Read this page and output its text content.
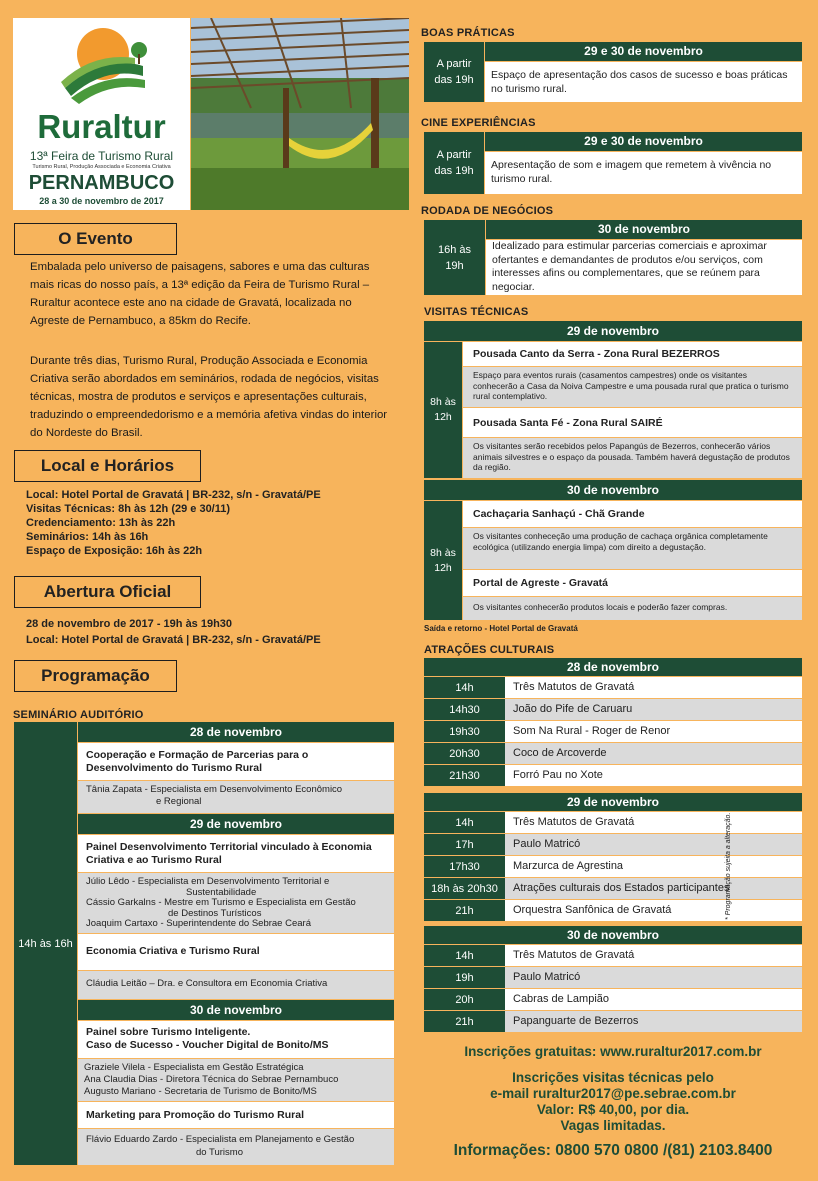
Ruraltur
13ª Feira de Turismo Rural
Turismo Rural, Produção Associada e Economia Criativa
PERNAMBUCO
28 a 30 de novembro de 2017
O Evento
Embalada pelo universo de paisagens, sabores e uma das culturas mais ricas do nosso país, a 13ª edição da Feira de Turismo Rural – Ruraltur acontece este ano na cidade de Gravatá, localizada no Agreste de Pernambuco, a 85km do Recife.
Durante três dias, Turismo Rural, Produção Associada e Economia Criativa serão abordados em seminários, rodada de negócios, visitas técnicas, mostra de produtos e serviços e apresentações culturais, traduzindo o empreendedorismo e a memória afetiva vindas do interior do Nordeste do Brasil.
Local e Horários
Local: Hotel Portal de Gravatá | BR-232, s/n - Gravatá/PE
Visitas Técnicas: 8h às 12h (29 e 30/11)
Credenciamento: 13h às 22h
Seminários: 14h às 16h
Espaço de Exposição: 16h às 22h
Abertura Oficial
28 de novembro de 2017 - 19h às 19h30
Local: Hotel Portal de Gravatá | BR-232, s/n - Gravatá/PE
Programação
SEMINÁRIO AUDITÓRIO
14h às 16h
28 de novembro
Cooperação e Formação de Parcerias para o Desenvolvimento do Turismo Rural
Tânia Zapata - Especialista em Desenvolvimento Econômico
e Regional
29 de novembro
Painel Desenvolvimento Territorial vinculado à Economia Criativa e ao Turismo Rural
Júlio Lêdo - Especialista em Desenvolvimento Territorial e
Sustentabilidade
Cássio Garkalns - Mestre em Turismo e Especialista em Gestão
de Destinos Turísticos
Joaquim Cartaxo - Superintendente do Sebrae Ceará
Economia Criativa e Turismo Rural
Cláudia Leitão – Dra. e Consultora em Economia Criativa
30 de novembro
Painel sobre Turismo Inteligente.
Caso de Sucesso - Voucher Digital de Bonito/MS
Graziele Vilela - Especialista em Gestão Estratégica
Ana Claudia Dias - Diretora Técnica do Sebrae Pernambuco
Augusto Mariano - Secretaria de Turismo de Bonito/MS
Marketing para Promoção do Turismo Rural
Flávio Eduardo Zardo - Especialista em Planejamento e Gestão
do Turismo
BOAS PRÁTICAS
A partir
das 19h
29 e 30 de novembro
Espaço de apresentação dos casos de sucesso e boas práticas no turismo rural.
CINE EXPERIÊNCIAS
A partir
das 19h
29 e 30 de novembro
Apresentação de som e imagem que remetem à vivência no turismo rural.
RODADA DE NEGÓCIOS
16h às
19h
30 de novembro
Idealizado para estimular parcerias comerciais e aproximar ofertantes e demandantes de produtos e/ou serviços, com interesses afins ou complementares, que se reúnem para negociar.
VISITAS TÉCNICAS
29 de novembro
8h às
12h
Pousada Canto da Serra - Zona Rural BEZERROS
Espaço para eventos rurais (casamentos campestres) onde os visitantes conhecerão a Casa da Noiva Campestre e uma pousada rural que pratica o turismo rural contemplativo.
Pousada Santa Fé - Zona Rural SAIRÉ
Os visitantes serão recebidos pelos Papangús de Bezerros, conhecerão vários animais silvestres e o espaço da pousada. Também haverá degustação de produtos da região.
30 de novembro
8h às
12h
Cachaçaria Sanhaçú - Chã Grande
Os visitantes conheceção uma produção de cachaça orgânica completamente ecológica (utilizando energia limpa) com direito a degustação.
Portal de Agreste - Gravatá
Os visitantes conhecerão produtos locais e poderão fazer compras.
Saída e retorno - Hotel Portal de Gravatá
ATRAÇÕES CULTURAIS
28 de novembro
14h	Três Matutos de Gravatá
14h30	João do Pife de Caruaru
19h30	Som Na Rural - Roger de Renor
20h30	Coco de Arcoverde
21h30	Forró Pau no Xote
29 de novembro
14h	Três Matutos de Gravatá
17h	Paulo Matricó
17h30	Marzurca de Agrestina
18h às 20h30	Atrações culturais dos Estados participantes
21h	Orquestra Sanfônica de Gravatá
30 de novembro
14h	Três Matutos de Gravatá
19h	Paulo Matricó
20h	Cabras de Lampião
21h	Papanguarte de Bezerros
* Programação sujeita a alteração.
Inscrições gratuitas: www.ruraltur2017.com.br
Inscrições visitas técnicas pelo
e-mail ruraltur2017@pe.sebrae.com.br
Valor: R$ 40,00, por dia.
Vagas limitadas.
Informações: 0800 570 0800 /(81) 2103.8400
